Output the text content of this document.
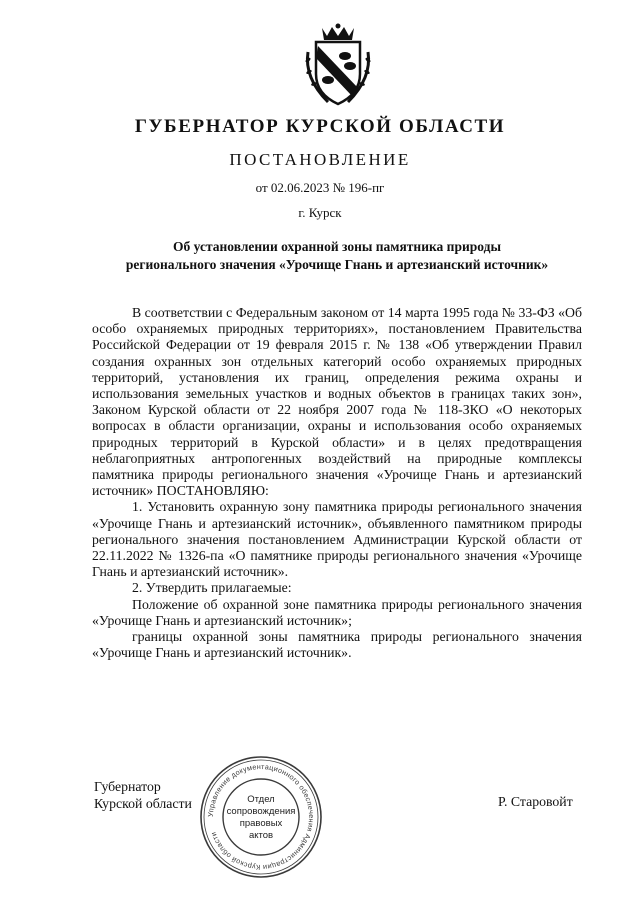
ГУБЕРНАТОР КУРСКОЙ ОБЛАСТИ
ПОСТАНОВЛЕНИЕ
от 02.06.2023 № 196-пг
г. Курск
Об установлении охранной зоны памятника природы
регионального значения «Урочище Гнань и артезианский источник»

В соответствии с Федеральным законом от 14 марта 1995 года № 33-ФЗ «Об особо охраняемых природных территориях», постановлением Правительства Российской Федерации от 19 февраля 2015 г. № 138 «Об утверждении Правил создания охранных зон отдельных категорий особо охраняемых природных территорий, установления их границ, определения режима охраны и использования земельных участков и водных объектов в границах таких зон», Законом Курской области от 22 ноября 2007 года № 118-ЗКО «О некоторых вопросах в области организации, охраны и использования особо охраняемых природных территорий в Курской области» и в целях предотвращения неблагоприятных антропогенных воздействий на природные комплексы памятника природы регионального значения «Урочище Гнань и артезианский источник» ПОСТАНОВЛЯЮ:

1. Установить охранную зону памятника природы регионального значения «Урочище Гнань и артезианский источник», объявленного памятником природы регионального значения постановлением Администрации Курской области от 22.11.2022 № 1326-па «О памятнике природы регионального значения «Урочище Гнань и артезианский источник».

2. Утвердить прилагаемые:

Положение об охранной зоне памятника природы регионального значения «Урочище Гнань и артезианский источник»;

границы охранной зоны памятника природы регионального значения «Урочище Гнань и артезианский источник».

Губернатор
Курской области	Р. Старовойт
Управление документационного обеспечения Администрации Курской области
Отдел
сопровождения
правовых
актов
